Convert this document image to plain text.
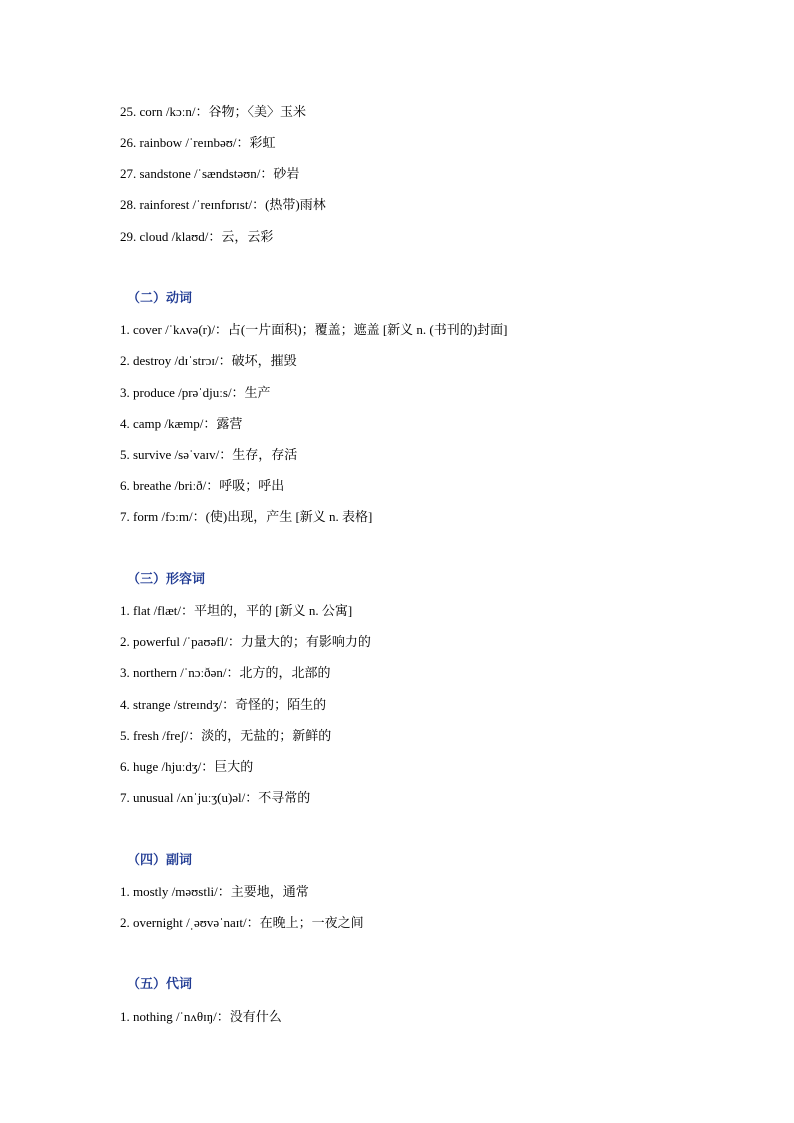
25. corn /kɔːn/：谷物；〈美〉玉米
26. rainbow /ˈreɪnbəʊ/：彩虹
27. sandstone /ˈsændstəʊn/：砂岩
28. rainforest /ˈreɪnfɒrɪst/：(热带)雨林
29. cloud /klaʊd/：云，云彩
（二）动词
1. cover /ˈkʌvə(r)/：占(一片面积)；覆盖；遮盖 [新义 n. (书刊的)封面]
2. destroy /dɪˈstrɔɪ/：破坏，摧毁
3. produce /prəˈdjuːs/：生产
4. camp /kæmp/：露营
5. survive /səˈvaɪv/：生存，存活
6. breathe /briːð/：呼吸；呼出
7. form /fɔːm/：(使)出现，产生 [新义 n. 表格]
（三）形容词
1. flat /flæt/：平坦的，平的 [新义 n. 公寓]
2. powerful /ˈpaʊəfl/：力量大的；有影响力的
3. northern /ˈnɔːðən/：北方的，北部的
4. strange /streɪndʒ/：奇怪的；陌生的
5. fresh /freʃ/：淡的，无盐的；新鲜的
6. huge /hjuːdʒ/：巨大的
7. unusual /ʌnˈjuːʒ(u)əl/：不寻常的
（四）副词
1. mostly /məʊstli/：主要地，通常
2. overnight /ˌəʊvəˈnaɪt/：在晚上；一夜之间
（五）代词
1. nothing /ˈnʌθɪŋ/：没有什么
